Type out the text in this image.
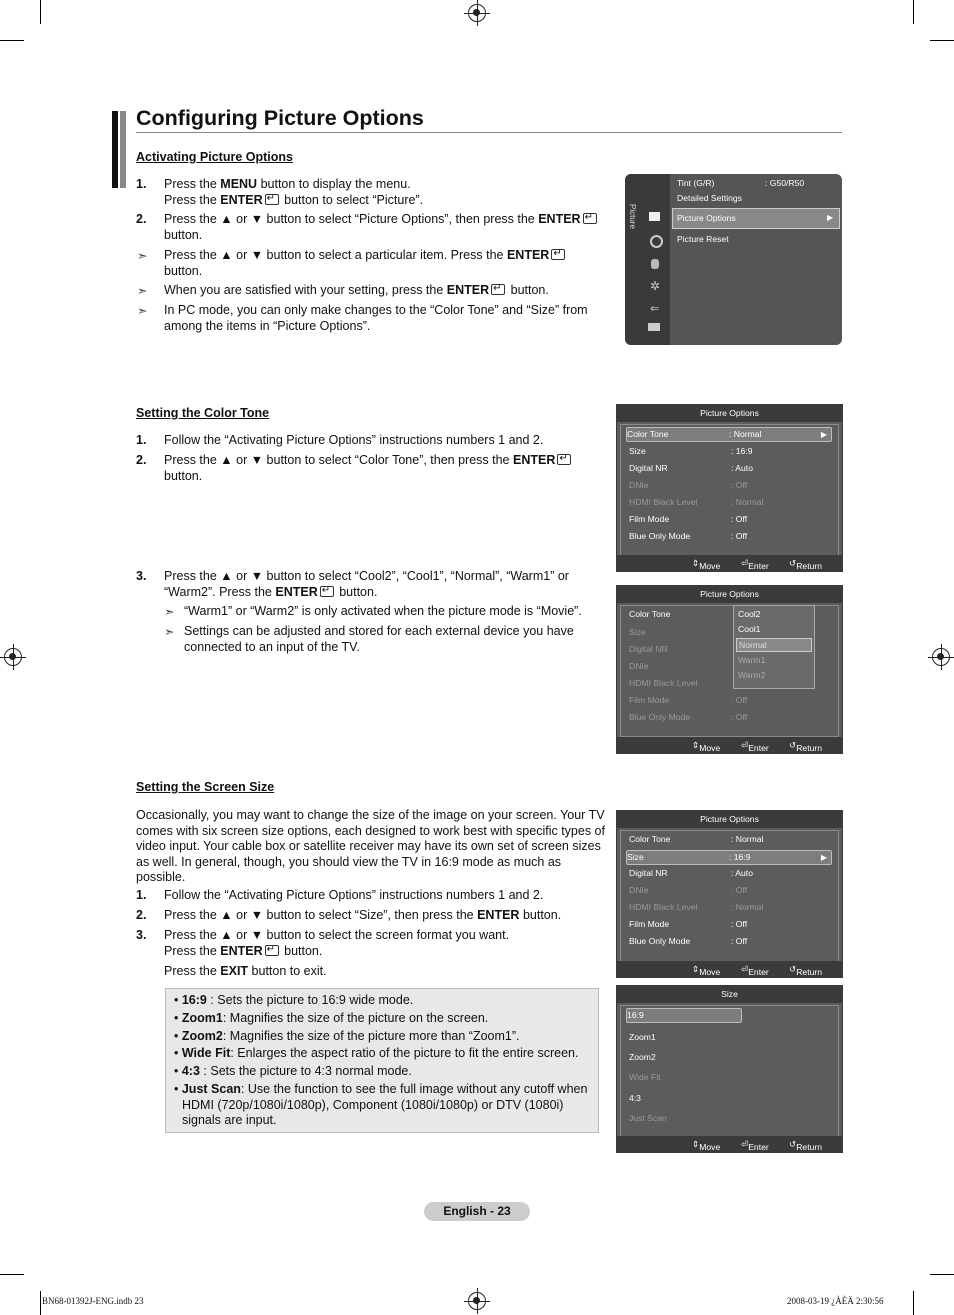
Configuring Picture Options
Activating Picture Options
1. Press the MENU button to display the menu.
Press the ENTER↵ button to select “Picture”.
2. Press the ▲ or ▼ button to select “Picture Options”, then press the ENTER↵
button.
➣ Press the ▲ or ▼ button to select a particular item. Press the ENTER↵
button.
➣ When you are satisfied with your setting, press the ENTER↵ button.
➣ In PC mode, you can only make changes to the “Color Tone” and “Size” from among the items in “Picture Options”.
Picture
✲
⇐
Tint (G/R)	: G50/R50
Detailed Settings
Picture Options	▶
Picture Reset
Setting the Color Tone
1. Follow the “Activating Picture Options” instructions numbers 1 and 2.
2. Press the ▲ or ▼ button to select “Color Tone”, then press the ENTER↵
button.
3. Press the ▲ or ▼ button to select “Cool2”, “Cool1”, “Normal”, “Warm1” or
“Warm2”. Press the ENTER↵ button.
➣ “Warm1” or “Warm2” is only activated when the picture mode is “Movie”.
➣ Settings can be adjusted and stored for each external device you have
connected to an input of the TV.
Picture Options
Color Tone	: Normal	▶
Size	: 16:9
Digital NR	: Auto
DNIe	: Off
HDMI Black Level	: Normal
Film Mode	: Off
Blue Only Mode	: Off
⇕ Move ⏎ Enter ↺ Return
Picture Options
Color Tone
Size
Digital NR
DNIe
HDMI Black Level
Film Mode	: Off
Blue Only Mode	: Off
Cool2
Cool1
Normal
Warm1
Warm2
⇕ Move ⏎ Enter ↺ Return
Setting the Screen Size
Occasionally, you may want to change the size of the image on your screen. Your TV comes with six screen size options, each designed to work best with specific types of video input. Your cable box or satellite receiver may have its own set of screen sizes as well. In general, though, you should view the TV in 16:9 mode as much as possible.
1. Follow the “Activating Picture Options” instructions numbers 1 and 2.
2. Press the ▲ or ▼ button to select “Size”, then press the ENTER button.
3. Press the ▲ or ▼ button to select the screen format you want.
Press the ENTER↵ button.
Press the EXIT button to exit.
• 16:9 : Sets the picture to 16:9 wide mode.
• Zoom1: Magnifies the size of the picture on the screen.
• Zoom2: Magnifies the size of the picture more than “Zoom1”.
• Wide Fit: Enlarges the aspect ratio of the picture to fit the entire screen.
• 4:3 : Sets the picture to 4:3 normal mode.
• Just Scan: Use the function to see the full image without any cutoff when HDMI (720p/1080i/1080p), Component (1080i/1080p) or DTV (1080i) signals are input.
Picture Options
Color Tone	: Normal
Size	: 16:9	▶
Digital NR	: Auto
DNIe	: Off
HDMI Black Level	: Normal
Film Mode	: Off
Blue Only Mode	: Off
⇕ Move ⏎ Enter ↺ Return
Size
16:9
Zoom1
Zoom2
Wide Fit
4:3
Just Scan
⇕ Move ⏎ Enter ↺ Return
English - 23
BN68-01392J-ENG.indb 23	2008-03-19 ¿ÀÈÄ 2:30:56
